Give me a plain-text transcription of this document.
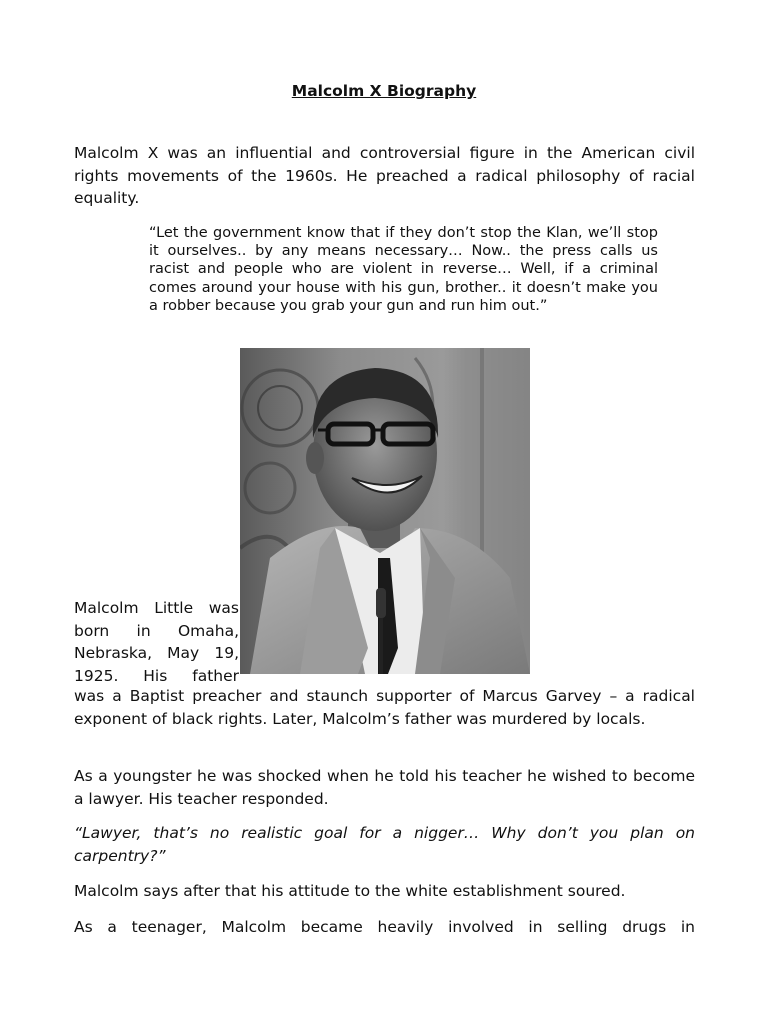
Malcolm X Biography

Malcolm X was an influential and controversial figure in the American civil rights movements of the 1960s. He preached a radical philosophy of racial equality.

“Let the government know that if they don’t stop the Klan, we’ll stop it ourselves.. by any means necessary… Now.. the press calls us racist and people who are violent in reverse… Well, if a criminal comes around your house with his gun, brother.. it doesn’t make you a robber because you grab your gun and run him out.”

Malcolm Little was
born in Omaha,
Nebraska, May 19,
1925. His father

was a Baptist preacher and staunch supporter of Marcus Garvey – a radical exponent of black rights. Later, Malcolm’s father was murdered by locals.

As a youngster he was shocked when he told his teacher he wished to become a lawyer. His teacher responded.

“Lawyer, that’s no realistic goal for a nigger… Why don’t you plan on carpentry?”

Malcolm says after that his attitude to the white establishment soured.

As a teenager, Malcolm became heavily involved in selling drugs in
